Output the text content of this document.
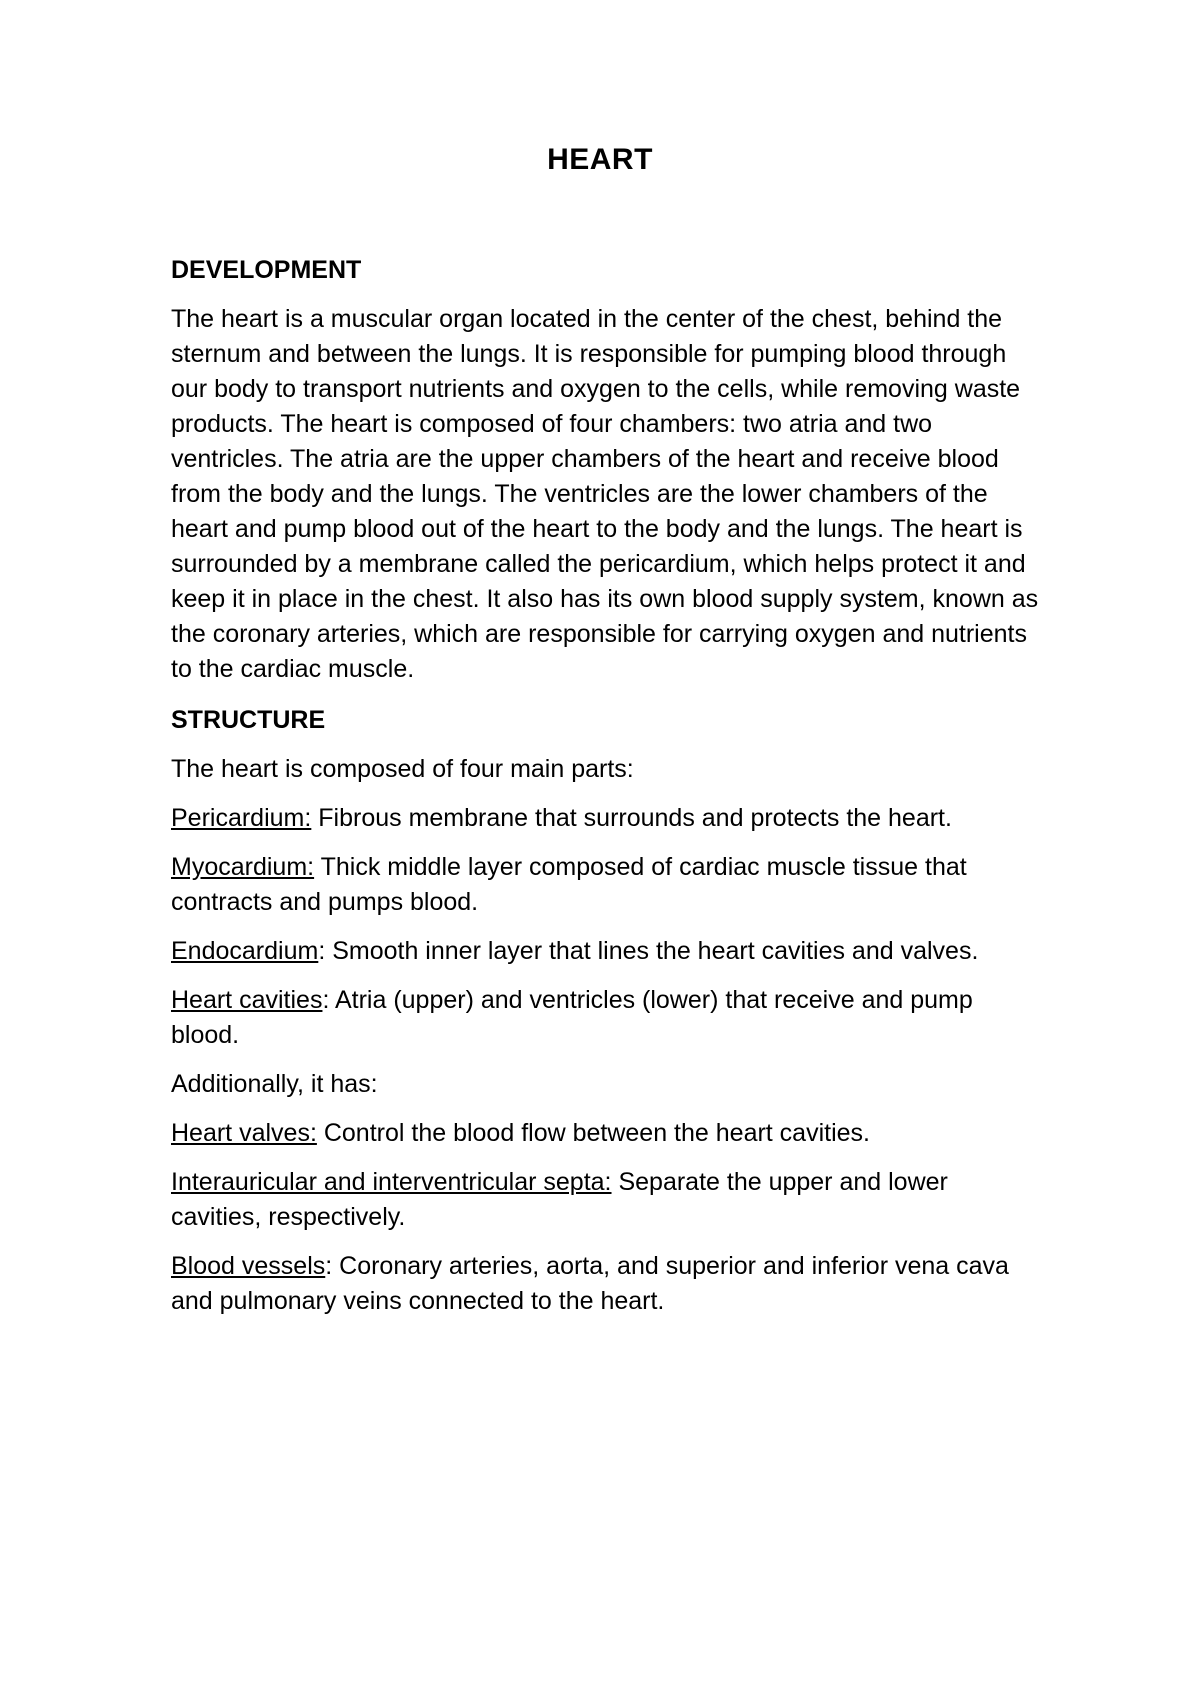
HEART
DEVELOPMENT
The heart is a muscular organ located in the center of the chest, behind the sternum and between the lungs. It is responsible for pumping blood through our body to transport nutrients and oxygen to the cells, while removing waste products. The heart is composed of four chambers: two atria and two ventricles. The atria are the upper chambers of the heart and receive blood from the body and the lungs. The ventricles are the lower chambers of the heart and pump blood out of the heart to the body and the lungs. The heart is surrounded by a membrane called the pericardium, which helps protect it and keep it in place in the chest. It also has its own blood supply system, known as the coronary arteries, which are responsible for carrying oxygen and nutrients to the cardiac muscle.
STRUCTURE
The heart is composed of four main parts:
Pericardium: Fibrous membrane that surrounds and protects the heart.
Myocardium: Thick middle layer composed of cardiac muscle tissue that contracts and pumps blood.
Endocardium: Smooth inner layer that lines the heart cavities and valves.
Heart cavities: Atria (upper) and ventricles (lower) that receive and pump blood.
Additionally, it has:
Heart valves: Control the blood flow between the heart cavities.
Interauricular and interventricular septa: Separate the upper and lower cavities, respectively.
Blood vessels: Coronary arteries, aorta, and superior and inferior vena cava and pulmonary veins connected to the heart.
